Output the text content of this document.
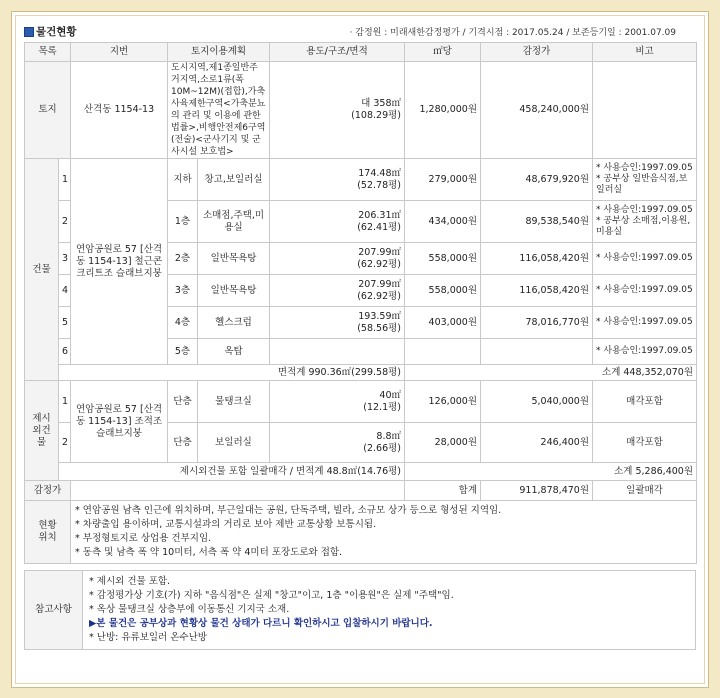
물건현황	· 감정원 : 미래새한감정평가 / 기격시점 : 2017.05.24 / 보존등기일 : 2001.07.09
목록		지번	토지이용계획		용도/구조/면적	㎡당	감정가	비고
토지		산격동 1154-13	도시지역,제1종일반주거지역,소로1류(폭 10M~12M)(접합),가축사육제한구역<가축분뇨의 관리 및 이용에 관한 법률>,비행안전제6구역(전술)<군사기지 및 군사시설 보호법>		대 358㎡
(108.29평)	1,280,000원	458,240,000원	
건물	1	연암공원로 57 [산격동 1154-13] 철근콘크리트조 슬래브지붕	지하	창고,보일러실	174.48㎡
(52.78평)	279,000원	48,679,920원	* 사용승인:1997.09.05 * 공부상 일반음식점,보일러실
	2		1층	소매점,주택,미용실	206.31㎡
(62.41평)	434,000원	89,538,540원	* 사용승인:1997.09.05 * 공부상 소매점,이용원,미용실
	3		2층	일반목욕탕	207.99㎡
(62.92평)	558,000원	116,058,420원	* 사용승인:1997.09.05
	4		3층	일반목욕탕	207.99㎡
(62.92평)	558,000원	116,058,420원	* 사용승인:1997.09.05
	5		4층	헬스크럽	193.59㎡
(58.56평)	403,000원	78,016,770원	* 사용승인:1997.09.05
	6		5층	옥탑				* 사용승인:1997.09.05
	면적계 990.36㎡(299.58평)					소계 448,352,070원		
제시외건물	1	연암공원로 57 [산격동 1154-13] 조적조슬래브지붕	단층	물탱크실	40㎡
(12.1평)	126,000원	5,040,000원	매각포함
	2		단층	보일러실	8.8㎡
(2.66평)	28,000원	246,400원	매각포함
	제시외건물 포함 일괄매각 / 면적계 48.8㎡(14.76평)					소계 5,286,400원		
감정가						합계	911,878,470원	일괄매각
현황위치		* 연암공원 남측 인근에 위치하며, 부근일대는 공원, 단독주택, 빌라, 소규모 상가 등으로 형성된 지역임.
* 차량출입 용이하며, 교통시설과의 거리로 보아 제반 교통상황 보통시됨.
* 부정형토지로 상업용 건부지임.
* 동측 및 남측 폭 약 10미터, 서측 폭 약 4미터 포장도로와 접함.						
참고사항	
* 제시외 건물 포함.
* 감정평가상 기호(가) 지하 "음식점"은 실제 "창고"이고, 1층 "이용원"은 실제 "주택"임.
* 옥상 물탱크실 상층부에 이동통신 기지국 소재.
▶본 물건은 공부상과 현황상 물건 상태가 다르니 확인하시고 입찰하시기 바랍니다.
* 난방: 유류보일러 온수난방
